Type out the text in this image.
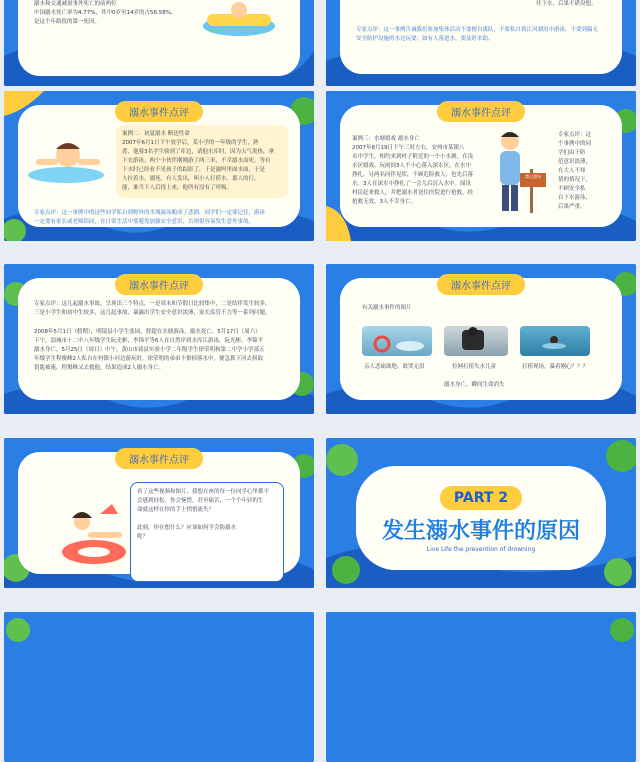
溺水和交通减量事外死亡的前两位
中国溺水死亡率为4.77%，其中0岁至14岁的占56.58%，
是这个年龄段的第一死因。
往下水，后果不堪设想。
专家点评：这一事例告诫我们参加集体活动不要擅自离队，不要私自到江河湖泊中游泳，不要到偏无
安全防护设施的水边玩耍；如有人落进水，要及时求助。
溺水事件点评
案例二：初夏溺水 断送性命
2007年6月1日下午放学后，某小学的一年级的学生，熟
悉，他骑3名学生骑到了库边，请他水库时，因为天气炎热，拿
下衣游泳。两个小伙伴刚刚游了两三米，不幸溺水而死。等有
下水时已经看不见孩子的踪影了，于是溺叫里面水面，于是
人拉着水。溺死，有人发出，叫小人打捞水。那人的行，
能，谁当下人后找上来，他所有没有了呼吸。
专家点评：这一事例中的这些同学私自到野外的水域游泳酿成了悲剧，同学们一定要记住，游泳
一定要有家长或老师陪同，在日常生活中要避免加强安全意识，否则很容易发生意外事故。
溺水事件点评
案例三：水塘嬉戏 溺水身亡
2007年8月19日下午三时左右，安州市某镇八
名中学生，相约来到村子附近的一个小水塘，在浅
水区嬉戏。玩闹间3人不小心落入深水区，在水中
挣扎。另两名同伴见状，不顾危险救人，也先后落
水。3人在深水中挣扎了一会儿后沉入水中。闻讯
村民赶来救人，并把溺水者送往医院进行抢救，经
抢救无效，3人不幸身亡。
禁止游泳
专家点评：这
个事例中的同
学们由于防
范意识淡薄，
在大人不知
情的情况下，
不顾安全私
自下水游泳，
后果严重。
溺水事件点评
专家点评：这几起溺水事故，呈现出三个特点，一是周末和节假日比较集中，二是结伴发生较多，
三是小学生和初中生较多，这几起事故，暴露出学生安全意识淡薄，家长监管不力等一系列问题。
2008年5月1日（假期），明镜县小学生张园，舒超在水塘游泳，溺水死亡，5月17日（周六）
下午，淄城市十二中八年级学生阮光彬，李锦平等6人在自然岸到水库江游泳，阮光彬、李锦平
溺水身亡，5月25日（周日）中午，黄山市祁县实验小学二年级学生徐荣明和第二中学小学部五
年级学生程俊峰2人私自在村镇小河边游玩时，徐荣明的弟弟不慎掉落水中，便急抓下河去捞取
钥匙被淹，程俊峰又去救他，结果造成2人溺水身亡。
溺水事件点评
有关溺水事件的图片
亲人悲痛欲绝、欲哭无泪	拉网打捞失水儿童	打捞现场，暴着刚心？？？
溺水身亡，瞬间生命消失
溺水事件点评
看了这些视频和图片，我想在座的每一位同学心里都不
会感到轻松，你会惋惜，甚至痛苦，一个个年轻的生
命就这样在你的手上悄悄流失？

此刻，你在想什么？应该如何学会防溺水
呢？
PART 2
发生溺水事件的原因
Live Life the prevention of drowning
